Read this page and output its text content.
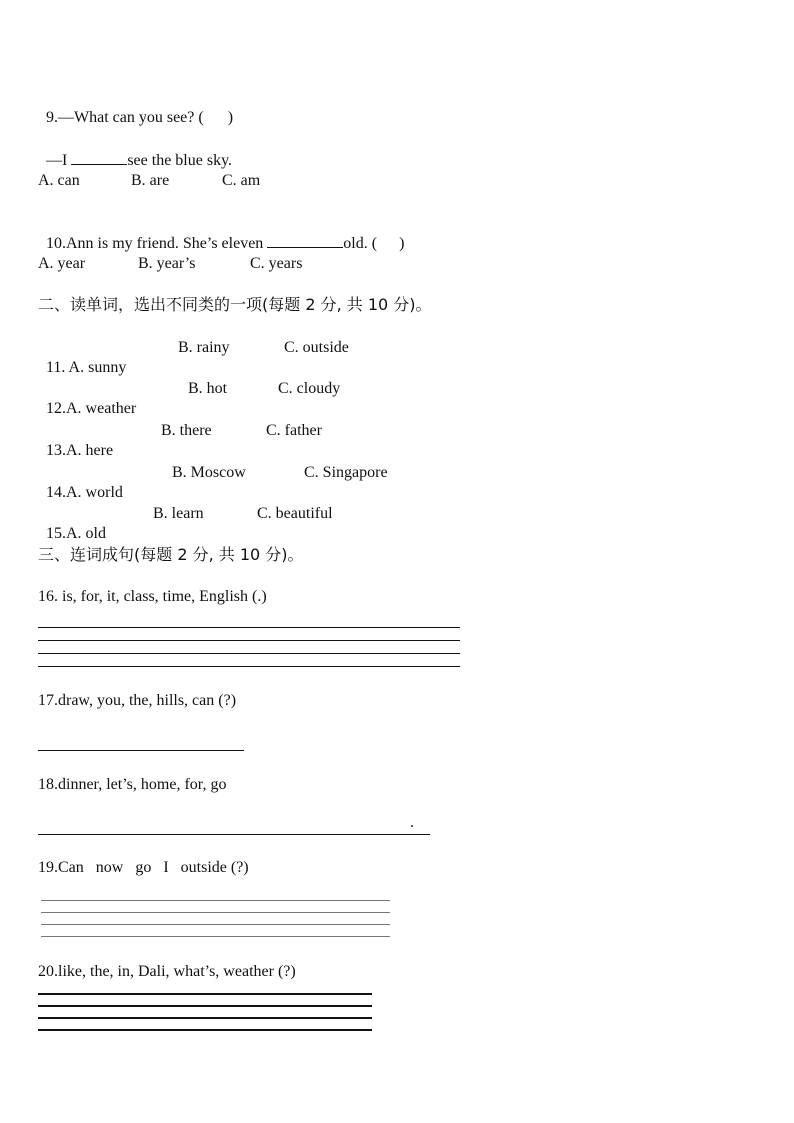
9.—What can you see? ( )

—I	see the blue sky.

A. can	B. are	C. am

10.Ann is my friend. She’s eleven	old. ( )

A. year	B. year’s	C. years
二、读单词，选出不同类的一项(每题 2 分, 共 10 分)。

11. A. sunny

B. rainy	C. outside

12.A. weather

B. hot	C. cloudy

13.A. here

B. there	C. father

14.A. world

B. Moscow	C. Singapore

15.A. old

B. learn	C. beautiful
三、连词成句(每题 2 分, 共 10 分)。
16. is, for, it, class, time, English (.)
17.draw, you, the, hills, can (?)
18.dinner, let’s, home, for, go
.
19.Can   now   go   I   outside (?)
20.like, the, in, Dali, what’s, weather (?)
